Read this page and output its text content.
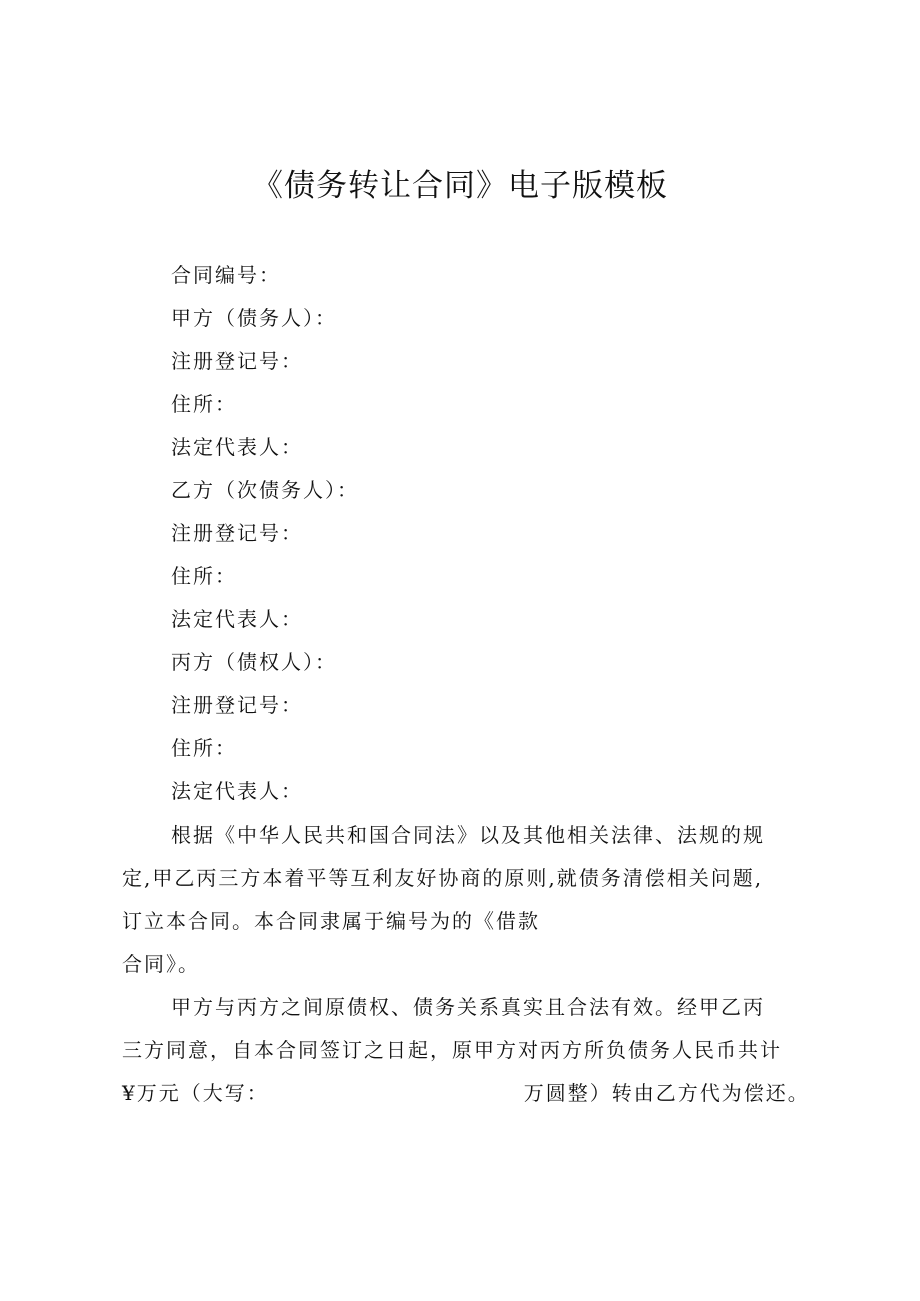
《债务转让合同》电子版模板
合同编号：
甲方（债务人）：
注册登记号：
住所：
法定代表人：
乙方（次债务人）：
注册登记号：
住所：
法定代表人：
丙方（债权人）：
注册登记号：
住所：
法定代表人：
根据《中华人民共和国合同法》以及其他相关法律、法规的规
定,甲乙丙三方本着平等互利友好协商的原则,就债务清偿相关问题,
订立本合同。本合同隶属于编号为的《借款
合同》。
甲方与丙方之间原债权、债务关系真实且合法有效。经甲乙丙
三方同意，自本合同签订之日起，原甲方对丙方所负债务人民币共计
¥万元（大写：	万圆整）转由乙方代为偿还。
